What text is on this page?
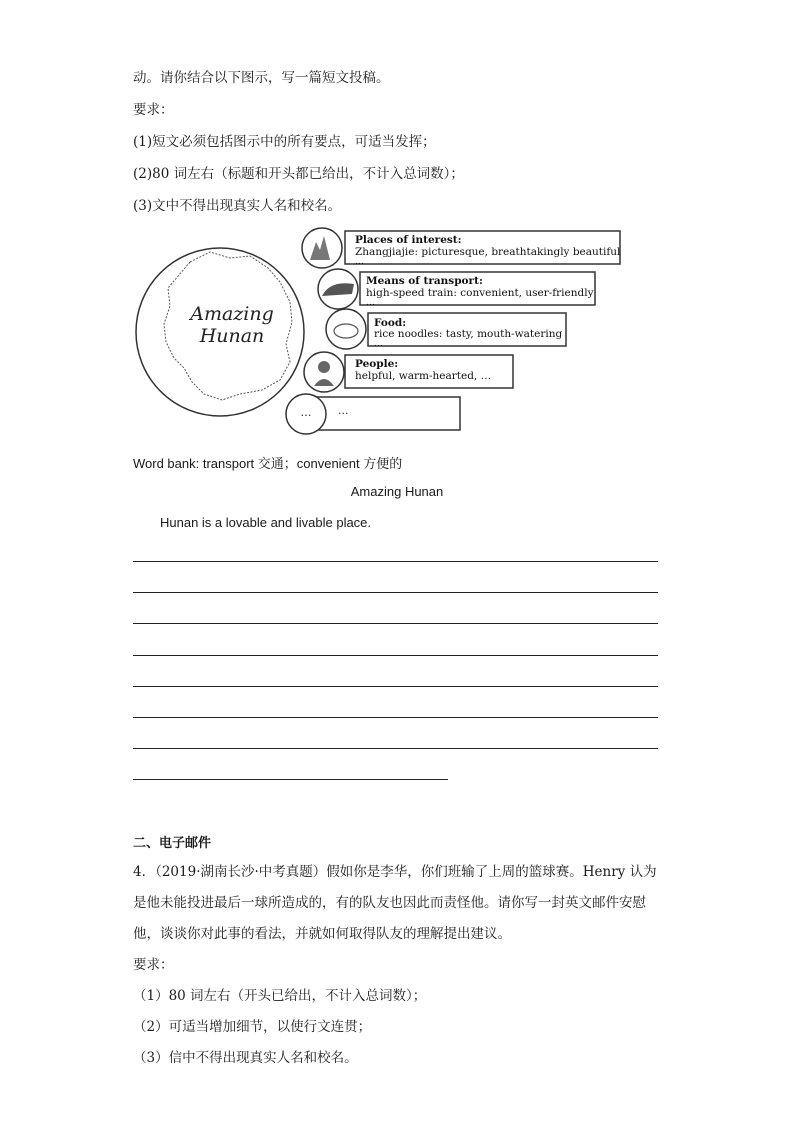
动。请你结合以下图示，写一篇短文投稿。
要求：
(1)短文必须包括图示中的所有要点，可适当发挥；
(2)80 词左右（标题和开头都已给出，不计入总词数）；
(3)文中不得出现真实人名和校名。
Amazing
Hunan
Places of interest:
Zhangjiajie: picturesque, breathtakingly beautiful
…
Means of transport:
high-speed train: convenient, user-friendly
…
Food:
rice noodles: tasty, mouth-watering
…
People:
helpful, warm-hearted, …
…	…
Word bank: transport 交通；convenient 方便的
Amazing Hunan
Hunan is a lovable and livable place.
二、电子邮件
4．（2019·湖南长沙·中考真题）假如你是李华，你们班输了上周的篮球赛。Henry 认为
是他未能投进最后一球所造成的，有的队友也因此而责怪他。请你写一封英文邮件安慰
他，谈谈你对此事的看法，并就如何取得队友的理解提出建议。
要求：
（1）80 词左右（开头已给出，不计入总词数）；
（2）可适当增加细节，以使行文连贯；
（3）信中不得出现真实人名和校名。
